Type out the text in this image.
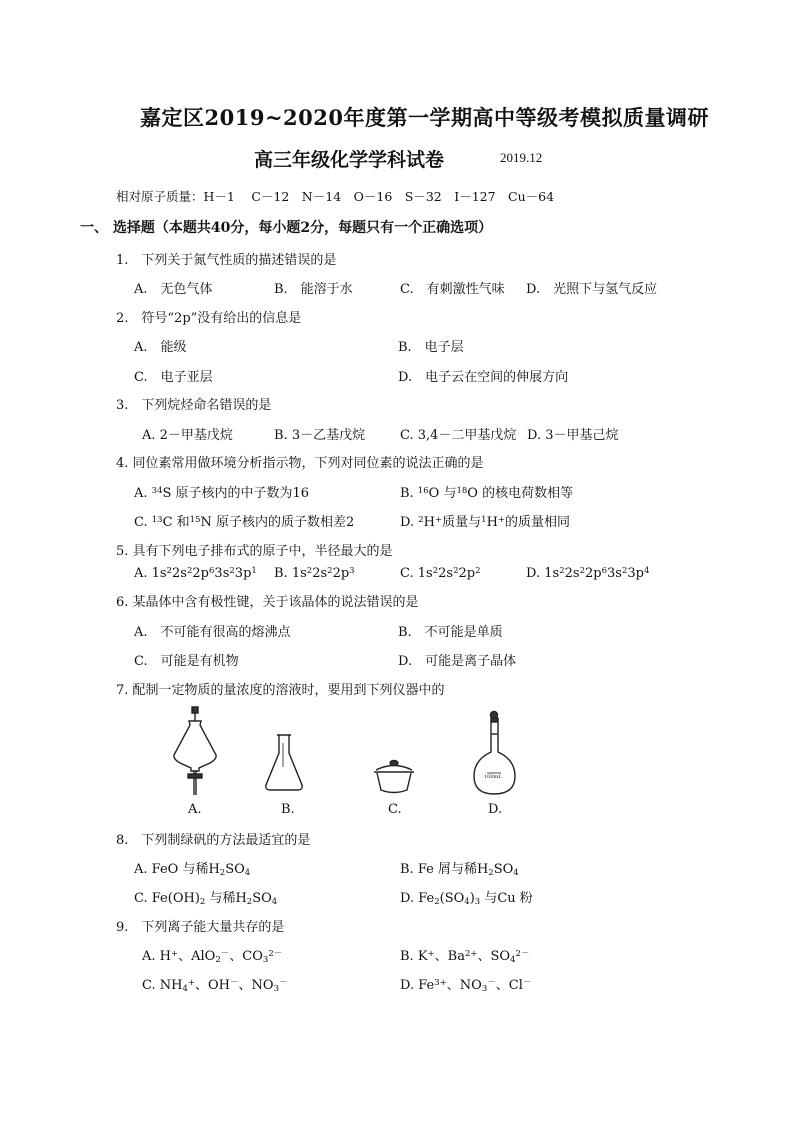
嘉定区2019~2020年度第一学期高中等级考模拟质量调研
高三年级化学学科试卷	2019.12
相对原子质量：H－1　 C－12　N－14　O－16　S－32　I－127　Cu－64
一、 选择题（本题共40分，每小题2分，每题只有一个正确选项）
1.　下列关于氮气性质的描述错误的是
A.　无色气体	B.　能溶于水	C.　有刺激性气味 D.　光照下与氢气反应
2.　符号“2p”没有给出的信息是
A.　能级	B.　电子层
C.　电子亚层	D.　电子云在空间的伸展方向
3.　下列烷烃命名错误的是
A. 2－甲基戊烷	B. 3－乙基戊烷	C. 3,4－二甲基戊烷 D. 3－甲基己烷
4. 同位素常用做环境分析指示物，下列对同位素的说法正确的是
A. $^{34}$S 原子核内的中子数为16	B. $^{16}$O 与$^{18}$O 的核电荷数相等
C. $^{13}$C 和$^{15}$N 原子核内的质子数相差2	D. $^2$H+质量与$^1$H+的质量相同
5. 具有下列电子排布式的原子中，半径最大的是
A. $1s^22s^22p^63s^23p^1$ B. $1s^22s^22p^3$	C. $1s^22s^22p^2$	D. $1s^22s^22p^63s^23p^4$
6. 某晶体中含有极性键，关于该晶体的说法错误的是
A.　不可能有很高的熔沸点	B.　不可能是单质
C.　可能是有机物	D.　可能是离子晶体
7. 配制一定物质的量浓度的溶液时，要用到下列仪器中的
100mL
A.	B.	C.	D.
8.　下列制绿矾的方法最适宜的是
A. FeO 与稀$H_2SO_4$	B. Fe 屑与稀$H_2SO_4$
C. $Fe(OH)_2$ 与稀$H_2SO_4$	D. $Fe_2(SO_4)_3$ 与Cu 粉
9.　下列离子能大量共存的是
A. H+、AlO$_2$－、$CO_3^{2-}$	B. K+、$Ba^{2+}$、$SO_4^{2-}$
C. $NH_4^+$、OH－、$NO_3^-$	D. $Fe^{3+}$、$NO_3^-$、Cl－
